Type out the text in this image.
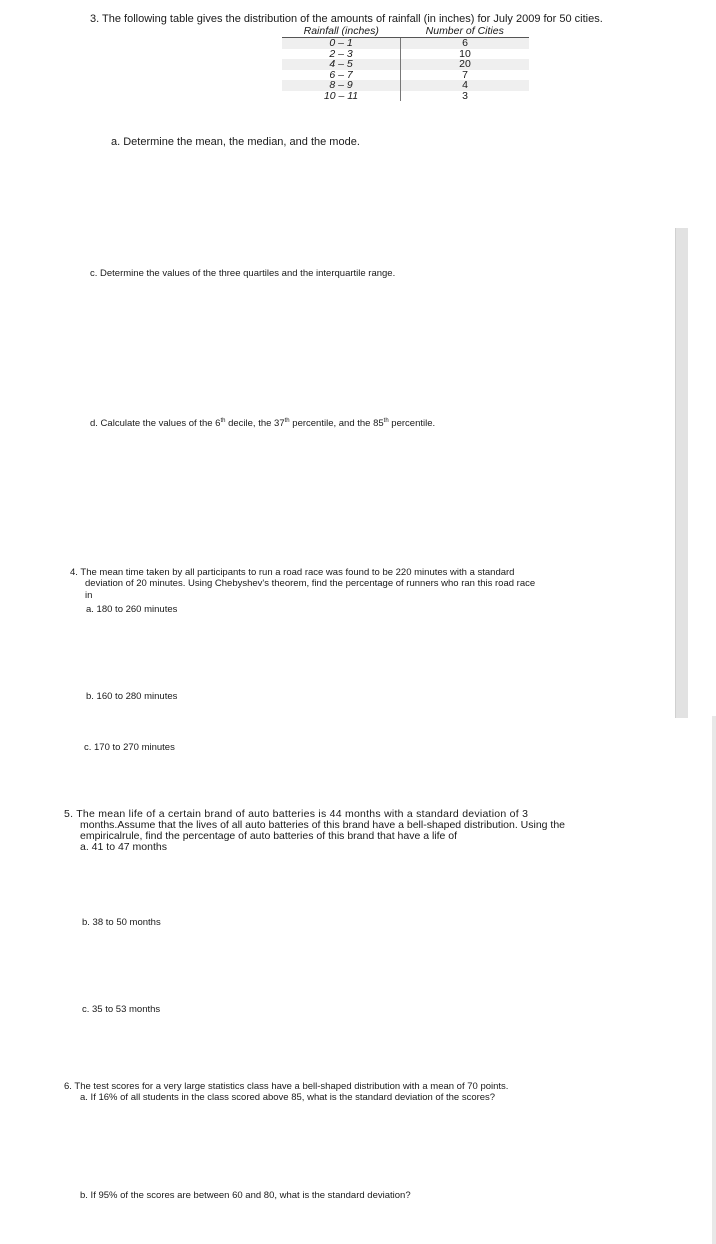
3. The following table gives the distribution of the amounts of rainfall (in inches) for July 2009 for 50 cities.
Rainfall (inches)	Number of Cities
0 – 1	6
2 – 3	10
4 – 5	20
6 – 7	7
8 – 9	4
10 – 11	3
a. Determine the mean, the median, and the mode.
c. Determine the values of the three quartiles and the interquartile range.
d. Calculate the values of the 6th decile, the 37th percentile, and the 85th percentile.
4. The mean time taken by all participants to run a road race was found to be 220 minutes with a standard
deviation of 20 minutes. Using Chebyshev's theorem, find the percentage of runners who ran this road race
in
a. 180 to 260 minutes
b. 160 to 280 minutes
c. 170 to 270 minutes
5. The mean life of a certain brand of auto batteries is 44 months with a standard deviation of 3
months.Assume that the lives of all auto batteries of this brand have a bell-shaped distribution. Using the
empiricalrule, find the percentage of auto batteries of this brand that have a life of
a. 41 to 47 months
b. 38 to 50 months
c. 35 to 53 months
6. The test scores for a very large statistics class have a bell-shaped distribution with a mean of 70 points.
a. If 16% of all students in the class scored above 85, what is the standard deviation of the scores?
b. If 95% of the scores are between 60 and 80, what is the standard deviation?
